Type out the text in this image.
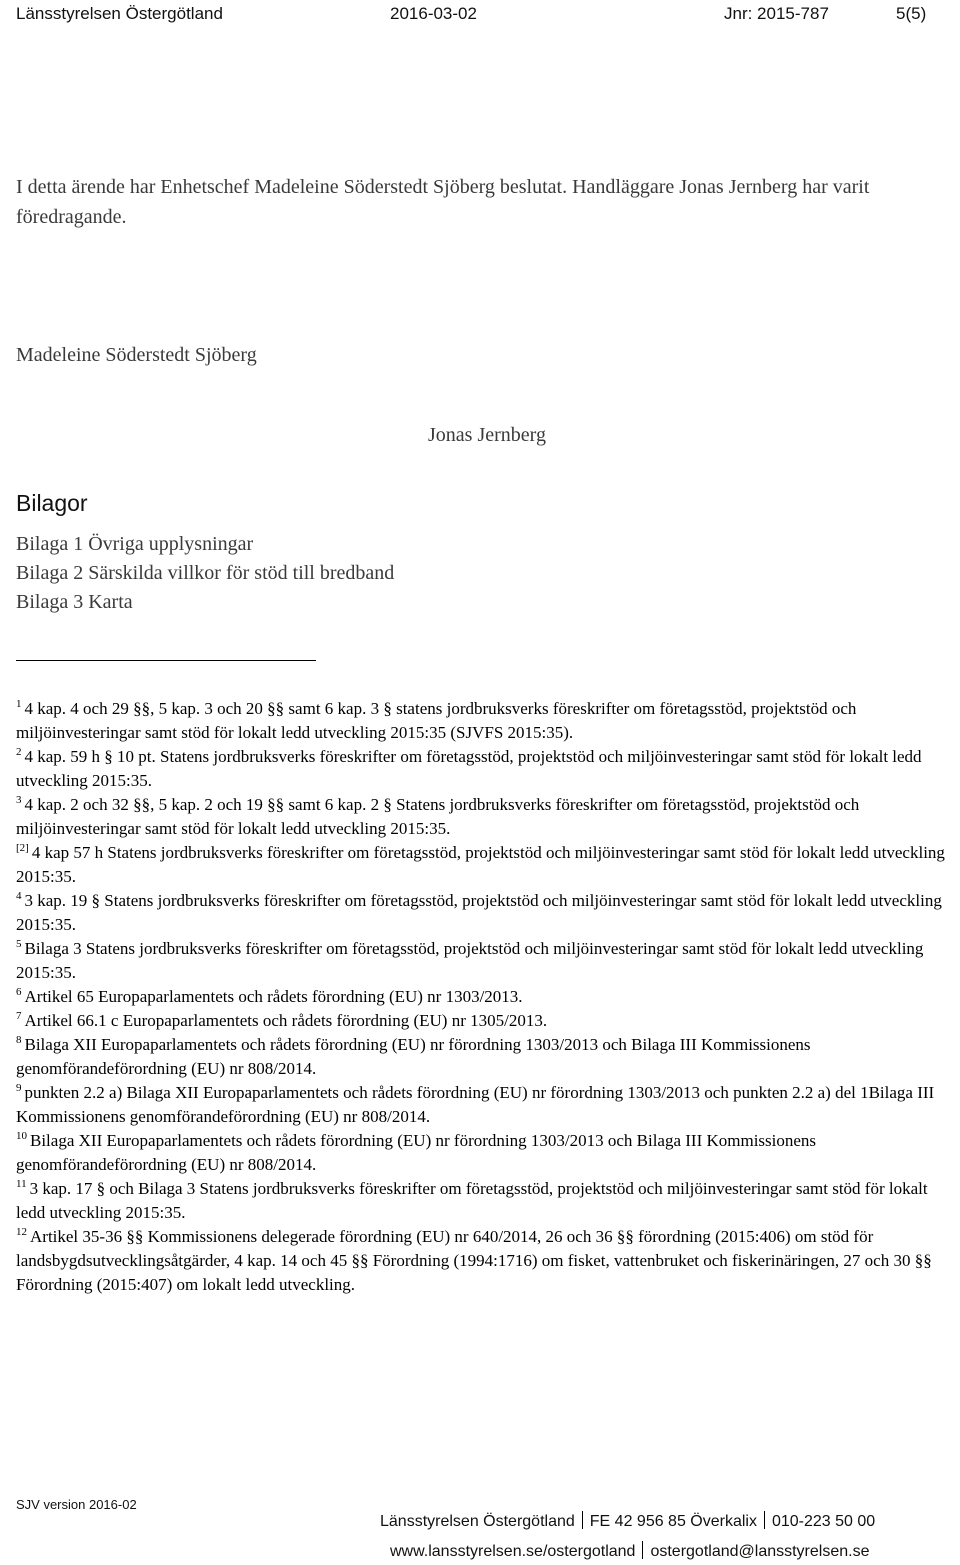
Länsstyrelsen Östergötland	2016-03-02	Jnr: 2015-787	5(5)

I detta ärende har Enhetschef Madeleine Söderstedt Sjöberg beslutat. Handläggare Jonas Jernberg har varit föredragande.

Madeleine Söderstedt Sjöberg

Jonas Jernberg

Bilagor
Bilaga 1 Övriga upplysningar
Bilaga 2 Särskilda villkor för stöd till bredband
Bilaga 3 Karta
$^1$ 4 kap. 4 och 29 §§, 5 kap. 3 och 20 §§ samt 6 kap. 3 § statens jordbruksverks föreskrifter om företagsstöd, projektstöd och miljöinvesteringar samt stöd för lokalt ledd utveckling 2015:35 (SJVFS 2015:35).
$^2$ 4 kap. 59 h § 10 pt. Statens jordbruksverks föreskrifter om företagsstöd, projektstöd och miljöinvesteringar samt stöd för lokalt ledd utveckling 2015:35.
$^3$ 4 kap. 2 och 32 §§, 5 kap. 2 och 19 §§ samt 6 kap. 2 § Statens jordbruksverks föreskrifter om företagsstöd, projektstöd och miljöinvesteringar samt stöd för lokalt ledd utveckling 2015:35.
[2] 4 kap 57 h Statens jordbruksverks föreskrifter om företagsstöd, projektstöd och miljöinvesteringar samt stöd för lokalt ledd utveckling 2015:35.
$^4$ 3 kap. 19 § Statens jordbruksverks föreskrifter om företagsstöd, projektstöd och miljöinvesteringar samt stöd för lokalt ledd utveckling 2015:35.
$^5$ Bilaga 3 Statens jordbruksverks föreskrifter om företagsstöd, projektstöd och miljöinvesteringar samt stöd för lokalt ledd utveckling 2015:35.
$^6$ Artikel 65 Europaparlamentets och rådets förordning (EU) nr 1303/2013.
$^7$ Artikel 66.1 c Europaparlamentets och rådets förordning (EU) nr 1305/2013.
$^8$ Bilaga XII Europaparlamentets och rådets förordning (EU) nr förordning 1303/2013 och Bilaga III Kommissionens genomförandeförordning (EU) nr 808/2014.
$^9$ punkten 2.2 a) Bilaga XII Europaparlamentets och rådets förordning (EU) nr förordning 1303/2013 och punkten 2.2 a) del 1Bilaga III Kommissionens genomförandeförordning (EU) nr 808/2014.
$^{10}$ Bilaga XII Europaparlamentets och rådets förordning (EU) nr förordning 1303/2013 och Bilaga III Kommissionens genomförandeförordning (EU) nr 808/2014.
$^{11}$ 3 kap. 17 § och Bilaga 3 Statens jordbruksverks föreskrifter om företagsstöd, projektstöd och miljöinvesteringar samt stöd för lokalt ledd utveckling 2015:35.
$^{12}$ Artikel 35-36 §§ Kommissionens delegerade förordning (EU) nr 640/2014, 26 och 36 §§ förordning (2015:406) om stöd för landsbygdsutvecklingsåtgärder, 4 kap. 14 och 45 §§ Förordning (1994:1716) om fisket, vattenbruket och fiskerinäringen, 27 och 30 §§ Förordning (2015:407) om lokalt ledd utveckling.
SJV version 2016-02
Länsstyrelsen Östergötland FE 42 956 85 Överkalix 010-223 50 00
www.lansstyrelsen.se/ostergotland ostergotland@lansstyrelsen.se
